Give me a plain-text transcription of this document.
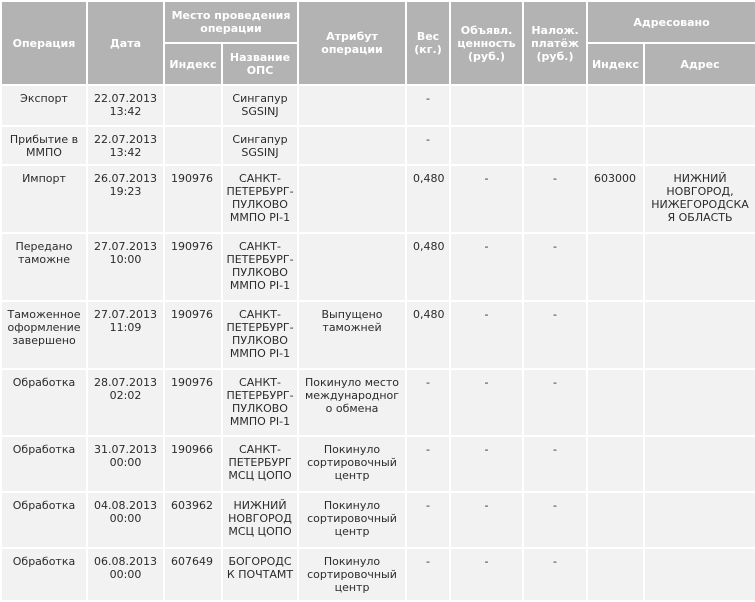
Операция	Дата	Место проведения операции		Атрибут операции	Вес (кг.)	Объявл. ценность (руб.)	Налож. платёж (руб.)	Адресовано	
		Индекс	Название ОПС					Индекс	Адрес
Экспорт	22.07.2013 13:42		Сингапур SGSINJ		-				
Прибытие в ММПО	22.07.2013 13:42		Сингапур SGSINJ		-				
Импорт	26.07.2013 19:23	190976	САНКТ-ПЕТЕРБУРГ-ПУЛКОВО ММПО PI-1		0,480	-	-	603000	НИЖНИЙ НОВГОРОД, НИЖЕГОРОДСКАЯ ОБЛАСТЬ
Передано таможне	27.07.2013 10:00	190976	САНКТ-ПЕТЕРБУРГ-ПУЛКОВО ММПО PI-1		0,480	-	-		
Таможенное оформление завершено	27.07.2013 11:09	190976	САНКТ-ПЕТЕРБУРГ-ПУЛКОВО ММПО PI-1	Выпущено таможней	0,480	-	-		
Обработка	28.07.2013 02:02	190976	САНКТ-ПЕТЕРБУРГ-ПУЛКОВО ММПО PI-1	Покинуло место международного обмена	-	-	-		
Обработка	31.07.2013 00:00	190966	САНКТ-ПЕТЕРБУРГ МСЦ ЦОПО	Покинуло сортировочный центр	-	-	-		
Обработка	04.08.2013 00:00	603962	НИЖНИЙ НОВГОРОД МСЦ ЦОПО	Покинуло сортировочный центр	-	-	-		
Обработка	06.08.2013 00:00	607649	БОГОРОДСК ПОЧТАМТ	Покинуло сортировочный центр	-	-	-		
